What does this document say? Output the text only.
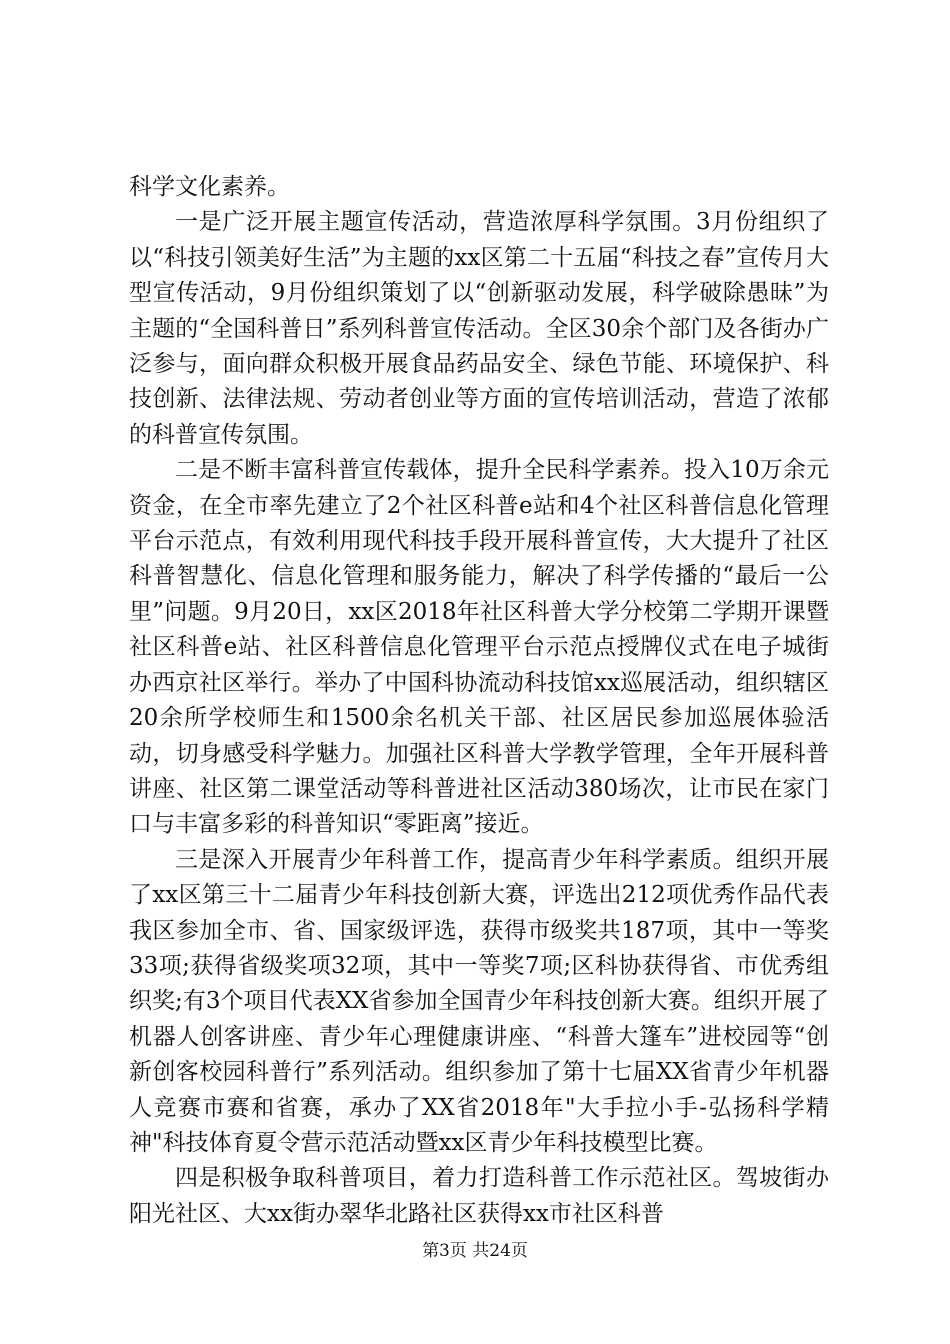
科学文化素养。

一是广泛开展主题宣传活动，营造浓厚科学氛围。3月份组织了以“科技引领美好生活”为主题的xx区第二十五届“科技之春”宣传月大型宣传活动，9月份组织策划了以“创新驱动发展，科学破除愚昧”为主题的“全国科普日”系列科普宣传活动。全区30余个部门及各街办广泛参与，面向群众积极开展食品药品安全、绿色节能、环境保护、科技创新、法律法规、劳动者创业等方面的宣传培训活动，营造了浓郁的科普宣传氛围。

二是不断丰富科普宣传载体，提升全民科学素养。投入10万余元资金，在全市率先建立了2个社区科普e站和4个社区科普信息化管理平台示范点，有效利用现代科技手段开展科普宣传，大大提升了社区科普智慧化、信息化管理和服务能力，解决了科学传播的“最后一公里”问题。9月20日，xx区2018年社区科普大学分校第二学期开课暨社区科普e站、社区科普信息化管理平台示范点授牌仪式在电子城街办西京社区举行。举办了中国科协流动科技馆xx巡展活动，组织辖区20余所学校师生和1500余名机关干部、社区居民参加巡展体验活动，切身感受科学魅力。加强社区科普大学教学管理，全年开展科普讲座、社区第二课堂活动等科普进社区活动380场次，让市民在家门口与丰富多彩的科普知识“零距离”接近。

三是深入开展青少年科普工作，提高青少年科学素质。组织开展了xx区第三十二届青少年科技创新大赛，评选出212项优秀作品代表我区参加全市、省、国家级评选，获得市级奖共187项，其中一等奖33项;获得省级奖项32项，其中一等奖7项;区科协获得省、市优秀组织奖;有3个项目代表XX省参加全国青少年科技创新大赛。组织开展了机器人创客讲座、青少年心理健康讲座、“科普大篷车”进校园等“创新创客校园科普行”系列活动。组织参加了第十七届XX省青少年机器人竞赛市赛和省赛，承办了XX省2018年"大手拉小手-弘扬科学精神"科技体育夏令营示范活动暨xx区青少年科技模型比赛。

四是积极争取科普项目，着力打造科普工作示范社区。驾坡街办阳光社区、大xx街办翠华北路社区获得xx市社区科普

第3页 共24页
